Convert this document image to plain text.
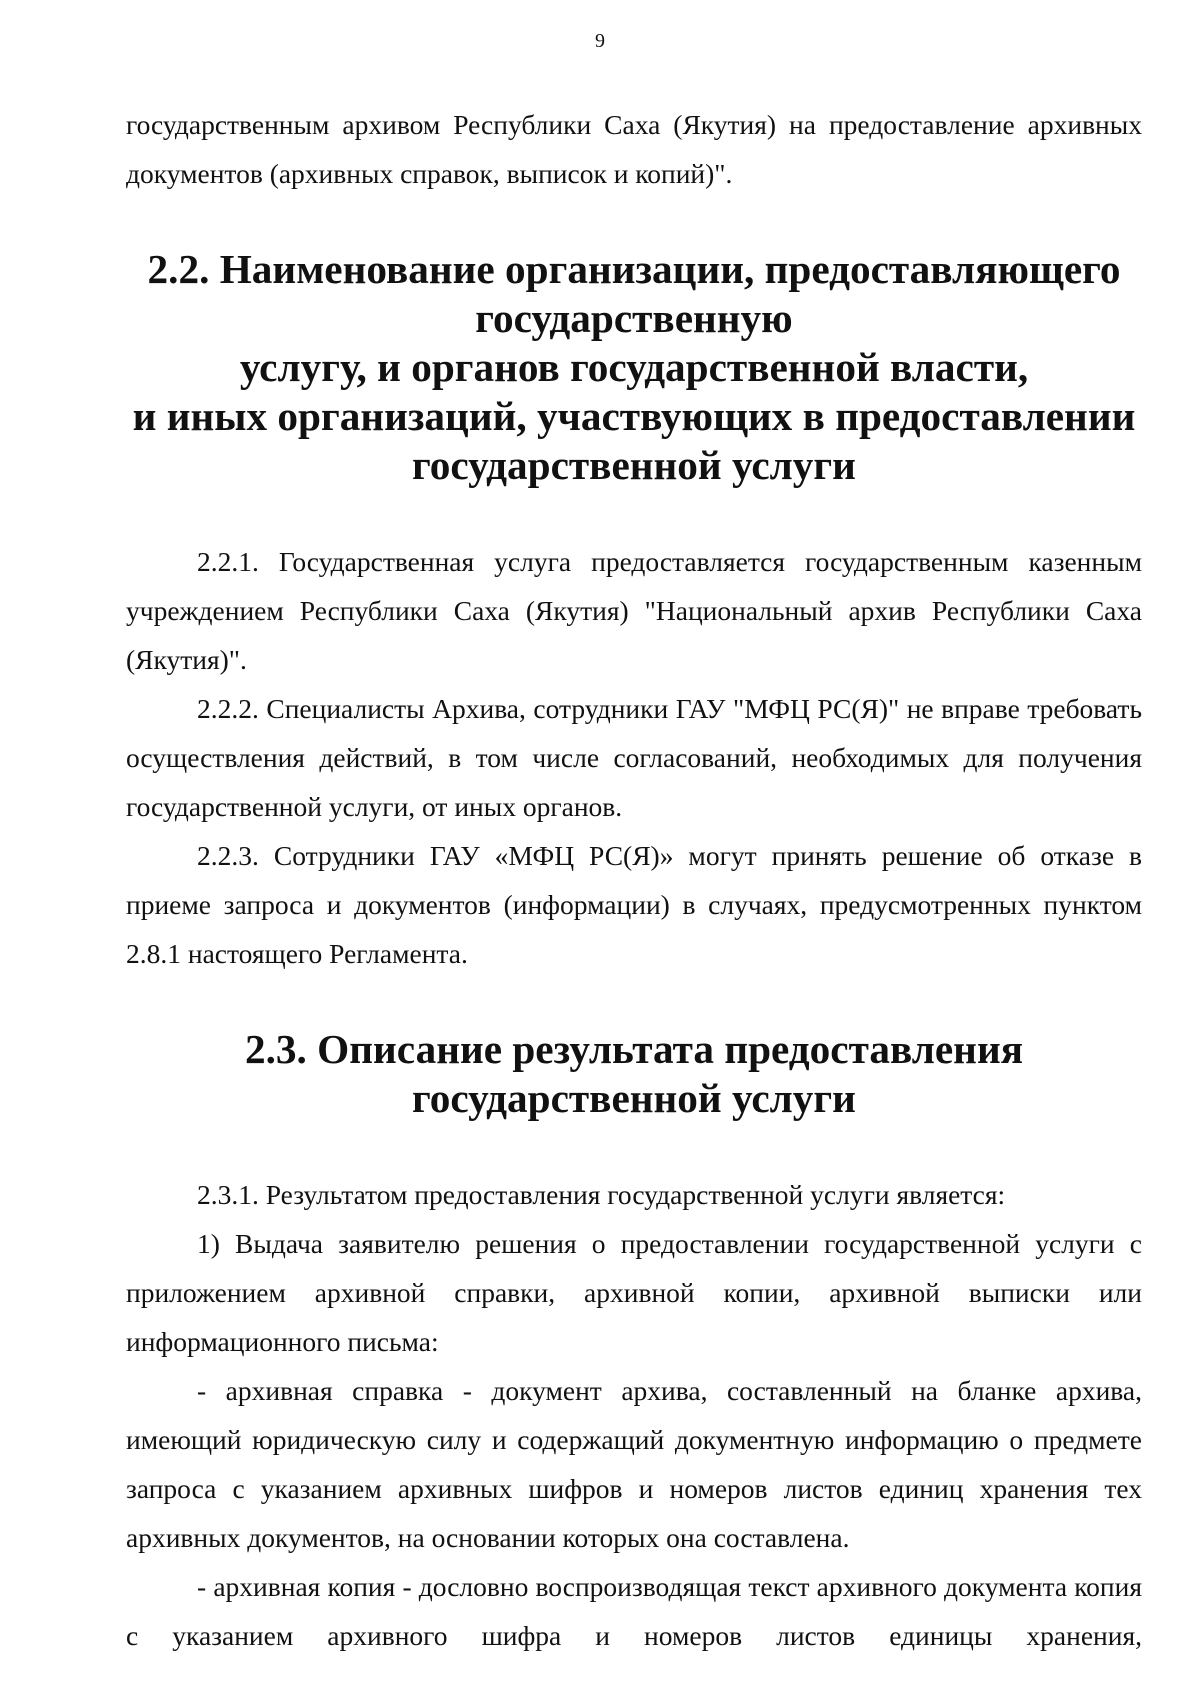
9

государственным архивом Республики Саха (Якутия) на предоставление архивных документов (архивных справок, выписок и копий)".

2.2. Наименование организации, предоставляющего государственную
услугу, и органов государственной власти,
и иных организаций, участвующих в предоставлении
государственной услуги

2.2.1. Государственная услуга предоставляется государственным казенным учреждением Республики Саха (Якутия) "Национальный архив Республики Саха (Якутия)".

2.2.2. Специалисты Архива, сотрудники ГАУ "МФЦ РС(Я)" не вправе требовать осуществления действий, в том числе согласований, необходимых для получения государственной услуги, от иных органов.

2.2.3. Сотрудники ГАУ «МФЦ РС(Я)» могут принять решение об отказе в приеме запроса и документов (информации) в случаях, предусмотренных пунктом 2.8.1 настоящего Регламента.

2.3. Описание результата предоставления государственной услуги

2.3.1. Результатом предоставления государственной услуги является:

1) Выдача заявителю решения о предоставлении государственной услуги с приложением архивной справки, архивной копии, архивной выписки или информационного письма:

- архивная справка - документ архива, составленный на бланке архива, имеющий юридическую силу и содержащий документную информацию о предмете запроса с указанием архивных шифров и номеров листов единиц хранения тех архивных документов, на основании которых она составлена.

- архивная копия - дословно воспроизводящая текст архивного документа копия с указанием архивного шифра и номеров листов единицы хранения,
